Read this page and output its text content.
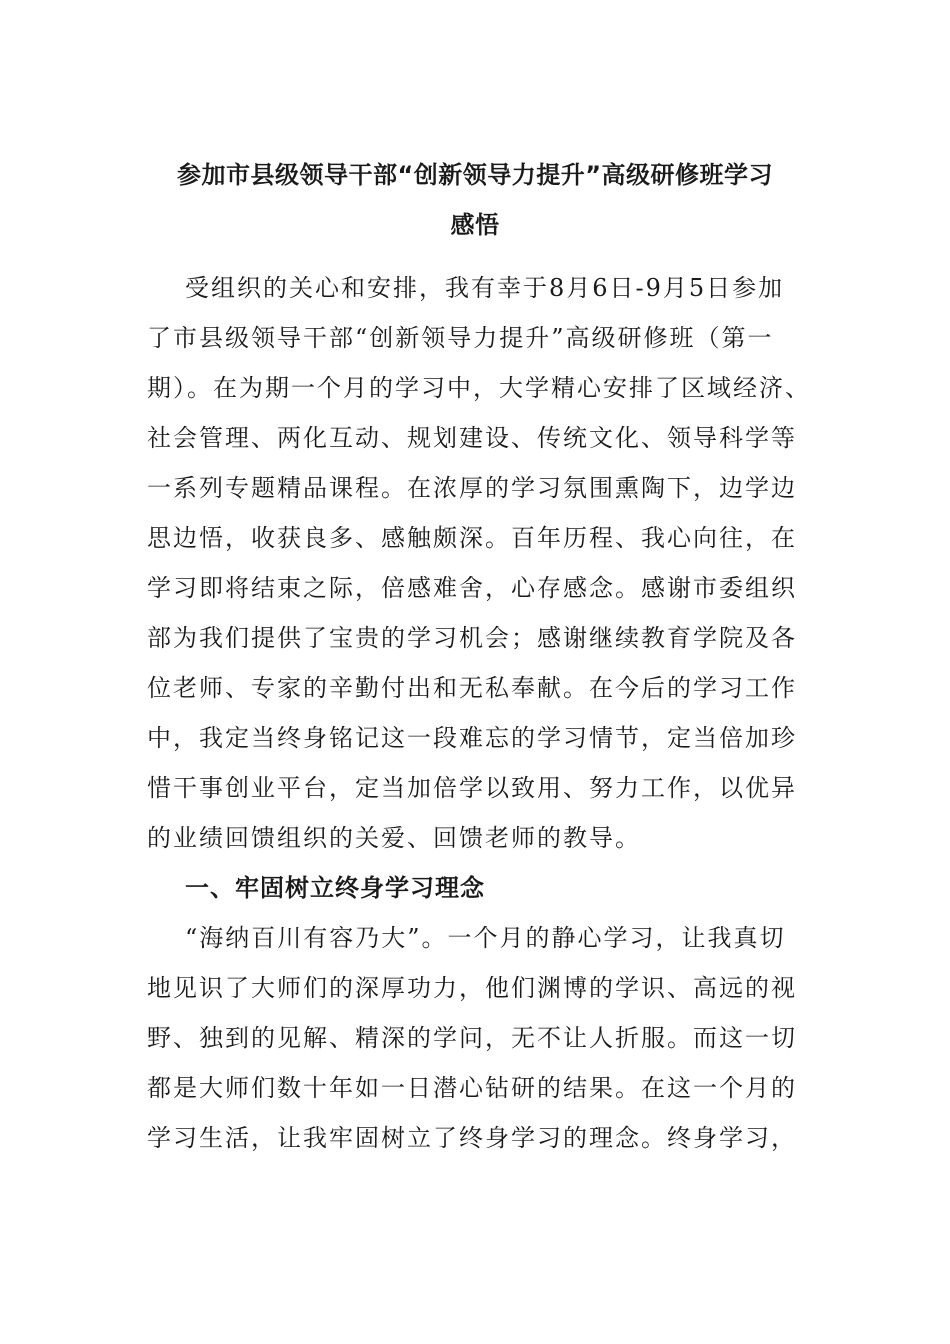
参加市县级领导干部“创新领导力提升”高级研修班学习
感悟

受组织的关心和安排，我有幸于8月6日-9月5日参加

了市县级领导干部“创新领导力提升”高级研修班（第一

期）。在为期一个月的学习中，大学精心安排了区域经济、

社会管理、两化互动、规划建设、传统文化、领导科学等

一系列专题精品课程。在浓厚的学习氛围熏陶下，边学边

思边悟，收获良多、感触颇深。百年历程、我心向往，在

学习即将结束之际，倍感难舍，心存感念。感谢市委组织

部为我们提供了宝贵的学习机会；感谢继续教育学院及各

位老师、专家的辛勤付出和无私奉献。在今后的学习工作

中，我定当终身铭记这一段难忘的学习情节，定当倍加珍

惜干事创业平台，定当加倍学以致用、努力工作，以优异

的业绩回馈组织的关爱、回馈老师的教导。

一、牢固树立终身学习理念

“海纳百川有容乃大”。一个月的静心学习，让我真切

地见识了大师们的深厚功力，他们渊博的学识、高远的视

野、独到的见解、精深的学问，无不让人折服。而这一切

都是大师们数十年如一日潜心钻研的结果。在这一个月的

学习生活，让我牢固树立了终身学习的理念。终身学习，
